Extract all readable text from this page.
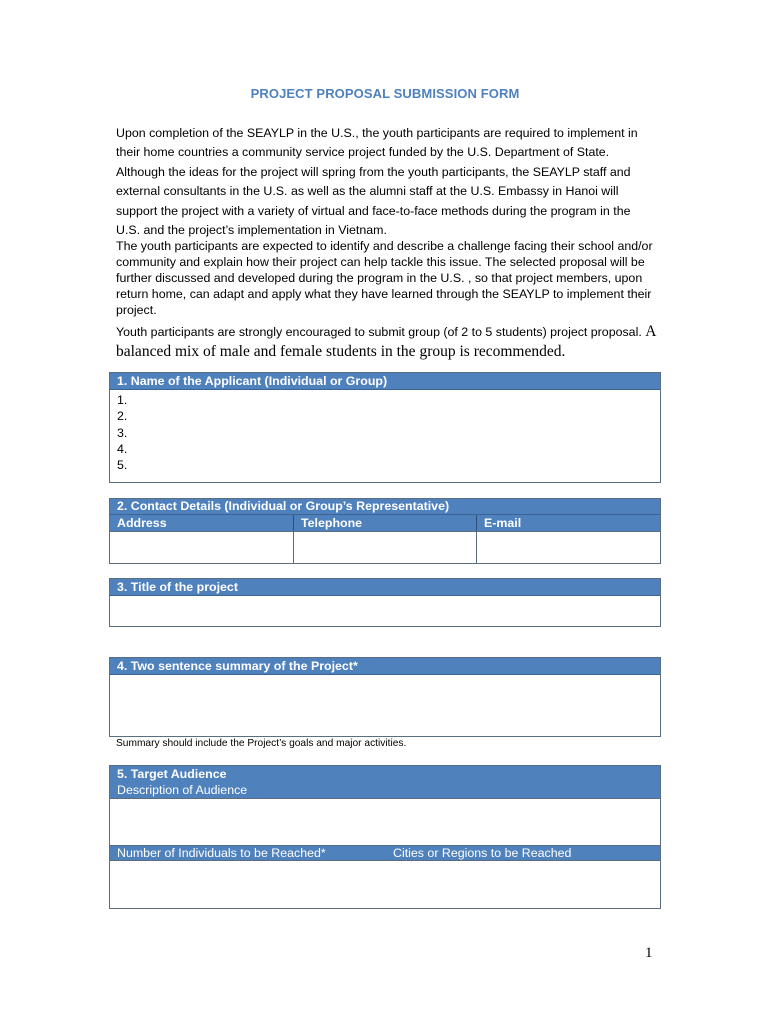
PROJECT PROPOSAL SUBMISSION FORM
Upon completion of the SEAYLP in the U.S., the youth participants are required to implement in their home countries a community service project funded by the U.S. Department of State. Although the ideas for the project will spring from the youth participants, the SEAYLP staff and external consultants in the U.S. as well as the alumni staff at the U.S. Embassy in Hanoi will support the project with a variety of virtual and face-to-face methods during the program in the U.S. and the project’s implementation in Vietnam.
The youth participants are expected to identify and describe a challenge facing their school and/or community and explain how their project can help tackle this issue. The selected proposal will be further discussed and developed during the program in the U.S. , so that project members, upon return home, can adapt and apply what they have learned through the SEAYLP to implement their project.
Youth participants are strongly encouraged to submit group (of 2 to 5 students) project proposal. A balanced mix of male and female students in the group is recommended.
1. Name of the Applicant (Individual or Group)
1.
2.
3.
4.
5.
2. Contact Details (Individual or Group’s Representative)
Address	Telephone	E-mail
3. Title of the project
4. Two sentence summary of the Project*
Summary should include the Project’s goals and major activities.
5. Target Audience
Description of Audience
Number of Individuals to be Reached*	Cities or Regions to be Reached
1
